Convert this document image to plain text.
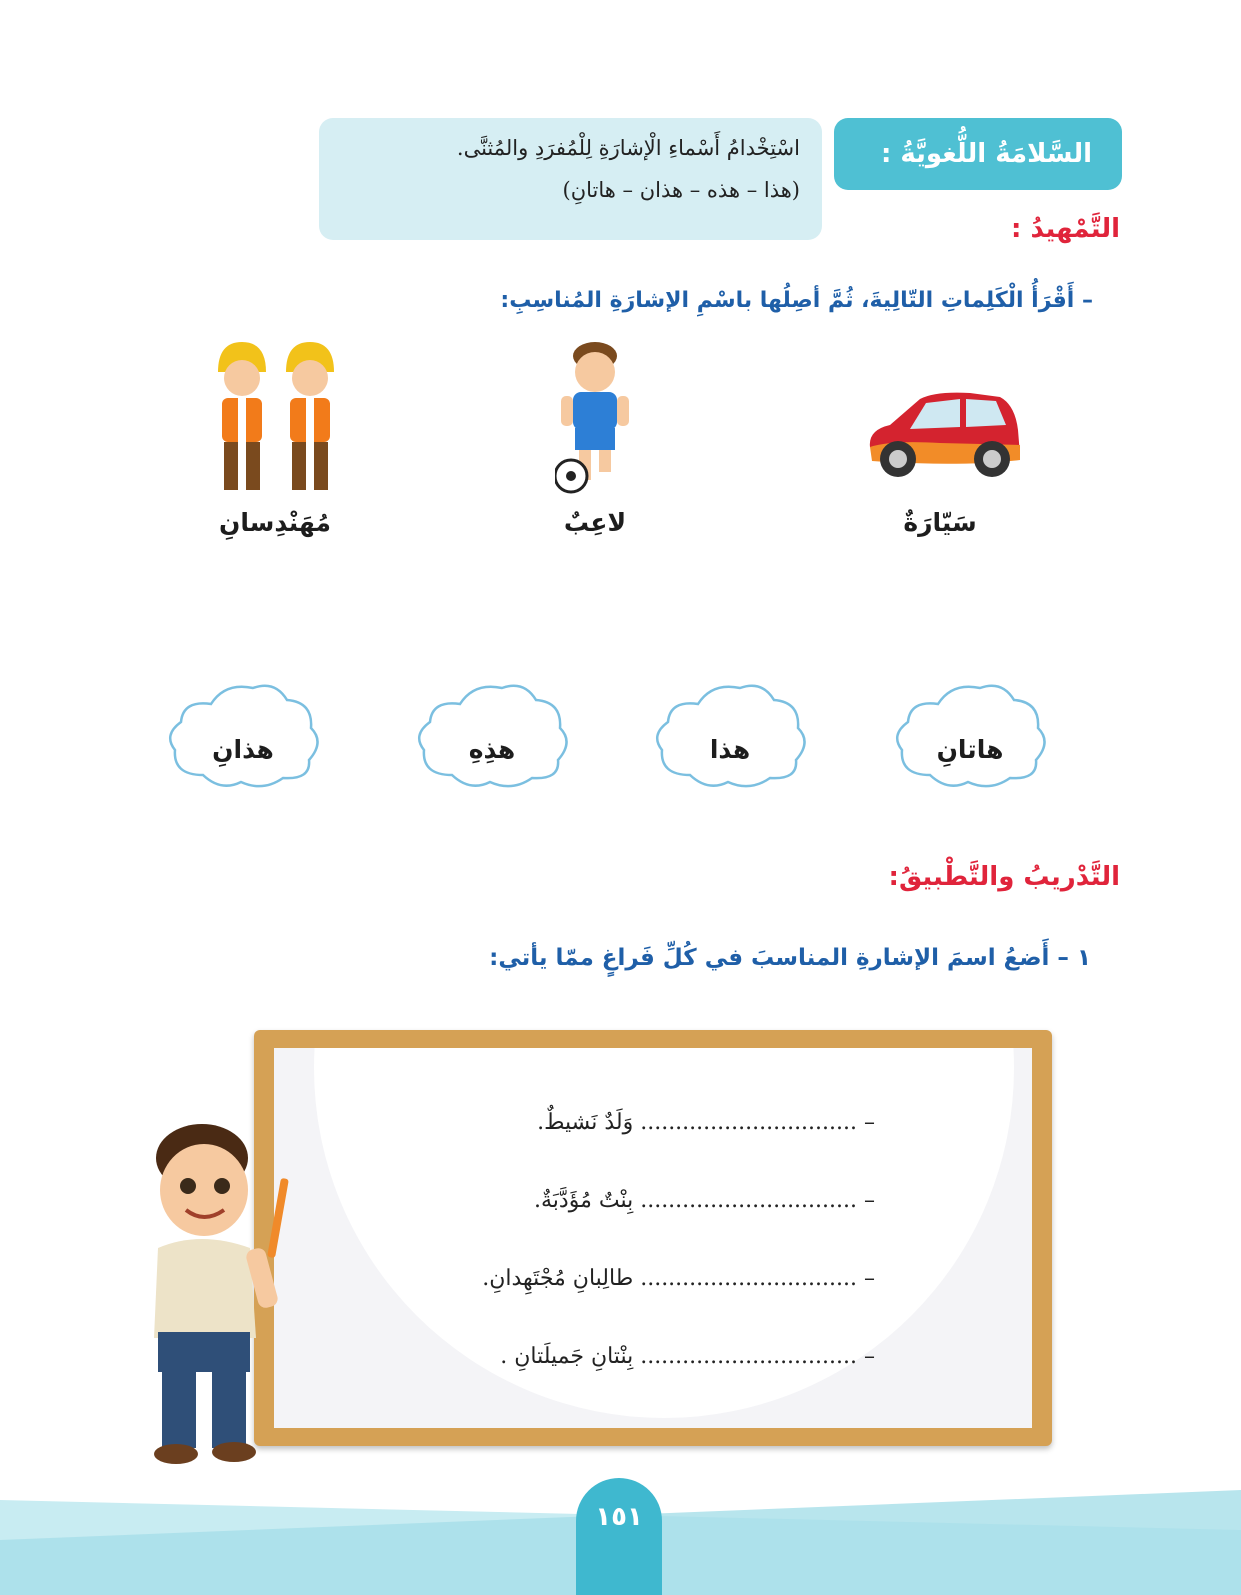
السَّلامَةُ اللُّغويَّةُ :
اسْتِخْدامُ أَسْماءِ الْإشارَةِ لِلْمُفرَدِ والمُثنَّى.
(هذا – هذه – هذان – هاتانِ)
التَّمْهيدُ :
– أَقْرَأُ الْكَلِماتِ التّالِيةَ، ثُمَّ أصِلُها باسْمِ الإشارَةِ المُناسِبِ:
سَيّارَةٌ
لاعِبٌ
مُهَنْدِسانِ
هاتانِ
هذا
هذِهِ
هذانِ
التَّدْريبُ والتَّطْبيقُ:
١ – أَضعُ اسمَ الإشارةِ المناسبَ في كُلِّ فَراغٍ ممّا يأتي:
– ............................... وَلَدٌ نَشيطٌ.
– ............................... بِنْتٌ مُؤَدَّبَةٌ.
– ............................... طالِبانِ مُجْتَهِدانِ.
– ............................... بِنْتانِ جَميلَتانِ .
١٥١
